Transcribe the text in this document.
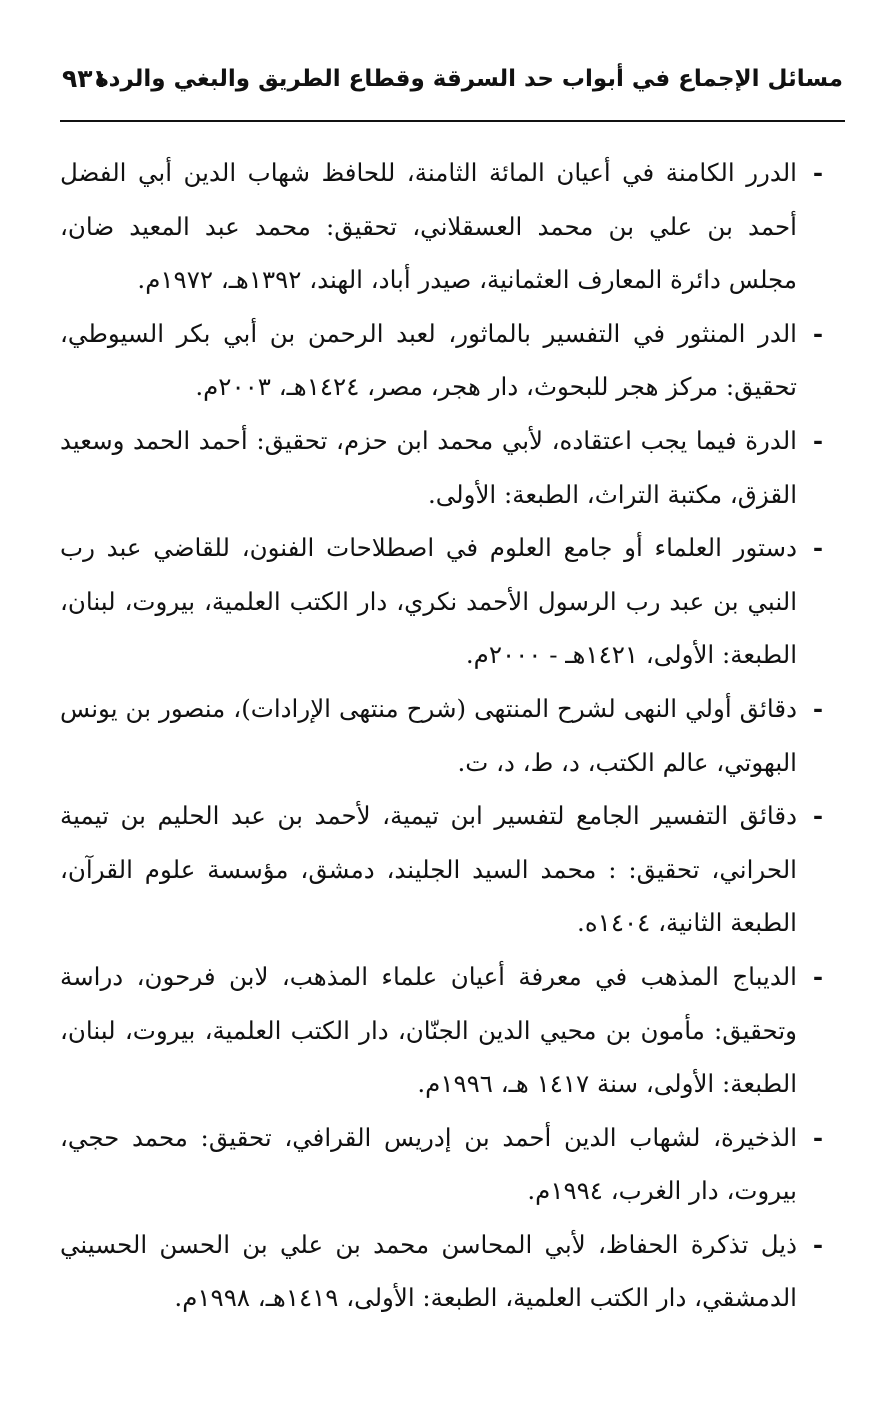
مسائل الإجماع في أبواب حد السرقة وقطاع الطريق والبغي والردة
٩٣١

-
الدرر الكامنة في أعيان المائة الثامنة، للحافظ شهاب الدين أبي الفضل أحمد بن علي بن محمد العسقلاني، تحقيق: محمد عبد المعيد ضان، مجلس دائرة المعارف العثمانية، صيدر أباد، الهند، ١٣٩٢هـ، ١٩٧٢م.

-
الدر المنثور في التفسير بالماثور، لعبد الرحمن بن أبي بكر السيوطي، تحقيق: مركز هجر للبحوث، دار هجر، مصر، ١٤٢٤هـ، ٢٠٠٣م.

-
الدرة فيما يجب اعتقاده، لأبي محمد ابن حزم، تحقيق: أحمد الحمد وسعيد القزق، مكتبة التراث، الطبعة: الأولى.

-
دستور العلماء أو جامع العلوم في اصطلاحات الفنون، للقاضي عبد رب النبي بن عبد رب الرسول الأحمد نكري، دار الكتب العلمية، بيروت، لبنان، الطبعة: الأولى، ١٤٢١هـ - ٢٠٠٠م.

-
دقائق أولي النهى لشرح المنتهى (شرح منتهى الإرادات)، منصور بن يونس البهوتي، عالم الكتب، د، ط، د، ت.

-
دقائق التفسير الجامع لتفسير ابن تيمية، لأحمد بن عبد الحليم بن تيمية الحراني، تحقيق: : محمد السيد الجليند، دمشق، مؤسسة علوم القرآن، الطبعة الثانية، ١٤٠٤ه.

-
الديباج المذهب في معرفة أعيان علماء المذهب، لابن فرحون، دراسة وتحقيق: مأمون بن محيي الدين الجنّان، دار الكتب العلمية، بيروت، لبنان، الطبعة: الأولى، سنة ١٤١٧ هـ، ١٩٩٦م.

-
الذخيرة، لشهاب الدين أحمد بن إدريس القرافي، تحقيق: محمد حجي، بيروت، دار الغرب، ١٩٩٤م.

-
ذيل تذكرة الحفاظ، لأبي المحاسن محمد بن علي بن الحسن الحسيني الدمشقي، دار الكتب العلمية، الطبعة: الأولى، ١٤١٩هـ، ١٩٩٨م.
